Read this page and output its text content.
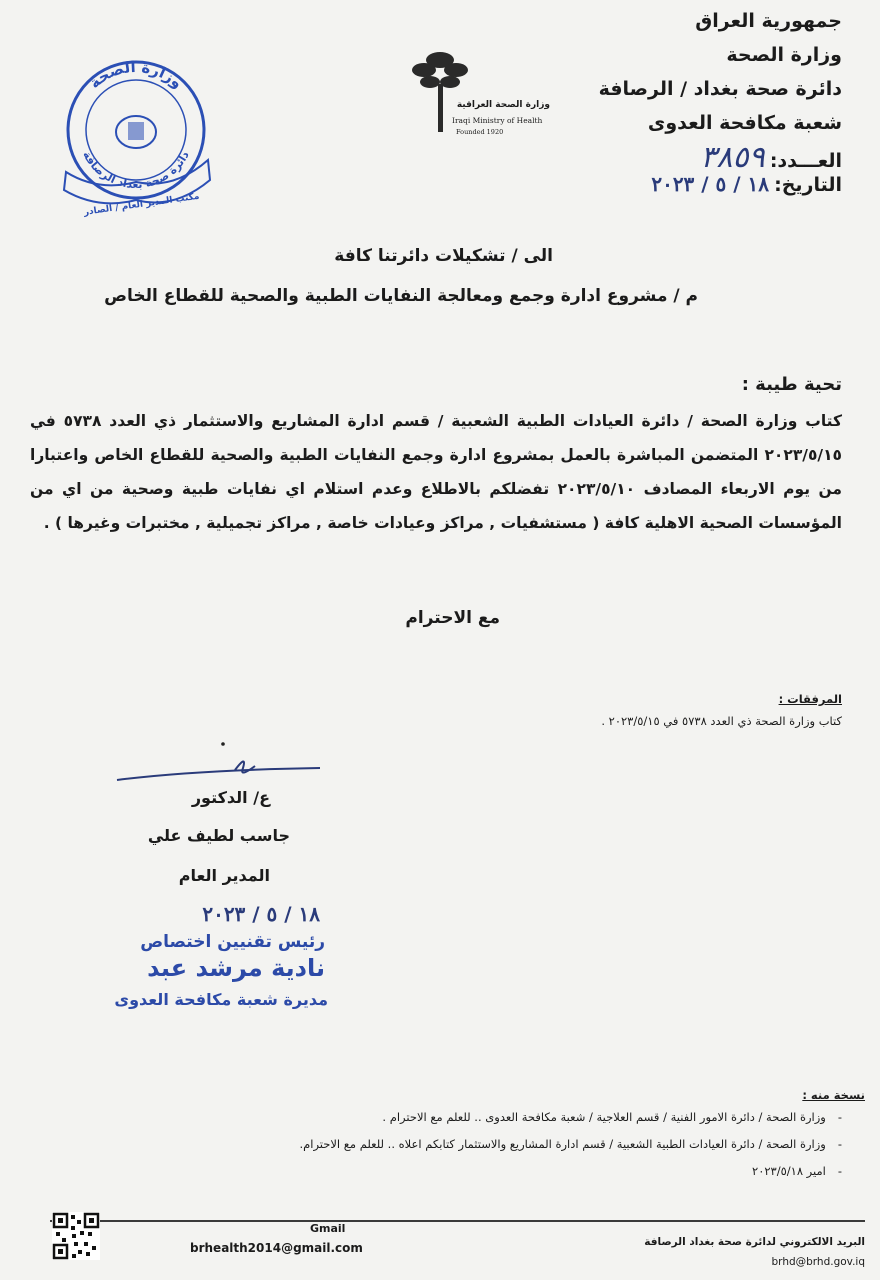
جمهورية العراق
وزارة الصحة
دائرة صحة بغداد / الرصافة
شعبة مكافحة العدوى
العـــدد: ٣٨٥٩
التاريخ: ١٨ / ٥ / ٢٠٢٣
وزارة الصحة العراقية
Iraqi Ministry of Health
Founded 1920
وزارة الصحة
دائرة صحة بغداد الرصافة
مكتب المدير العام / الصادر
الى / تشكيلات دائرتنا كافة
م / مشروع ادارة وجمع ومعالجة النفايات الطبية والصحية للقطاع الخاص
تحية طيبة :
كتاب وزارة الصحة / دائرة العيادات الطبية الشعبية / قسم ادارة المشاريع والاستثمار ذي العدد ٥٧٣٨ في ٢٠٢٣/٥/١٥ المتضمن المباشرة بالعمل بمشروع ادارة وجمع النفايات الطبية والصحية للقطاع الخاص واعتبارا من يوم الاربعاء المصادف ٢٠٢٣/٥/١٠ تفضلكم بالاطلاع وعدم استلام اي نفايات طبية وصحية من اي من المؤسسات الصحية الاهلية كافة ( مستشفيات , مراكز وعيادات خاصة , مراكز تجميلية , مختبرات وغيرها ) .
مع الاحترام
المرفقات :
كتاب وزارة الصحة ذي العدد ٥٧٣٨ في ٢٠٢٣/٥/١٥ .
ع/ الدكتور
جاسب لطيف علي
المدير العام
١٨ / ٥ / ٢٠٢٣
رئيس تقنيين اختصاص
نادية مرشد عبد
مديرة شعبة مكافحة العدوى
نسخة منه :
-وزارة الصحة / دائرة الامور الفنية / قسم العلاجية / شعبة مكافحة العدوى .. للعلم مع الاحترام .
-وزارة الصحة / دائرة العيادات الطبية الشعبية / قسم ادارة المشاريع والاستثمار كتابكم اعلاه .. للعلم مع الاحترام.
-امير ٢٠٢٣/٥/١٨
Gmail
brhealth2014@gmail.com	البريد الالكتروني لدائرة صحة بغداد الرصافة
brhd@brhd.gov.iq
